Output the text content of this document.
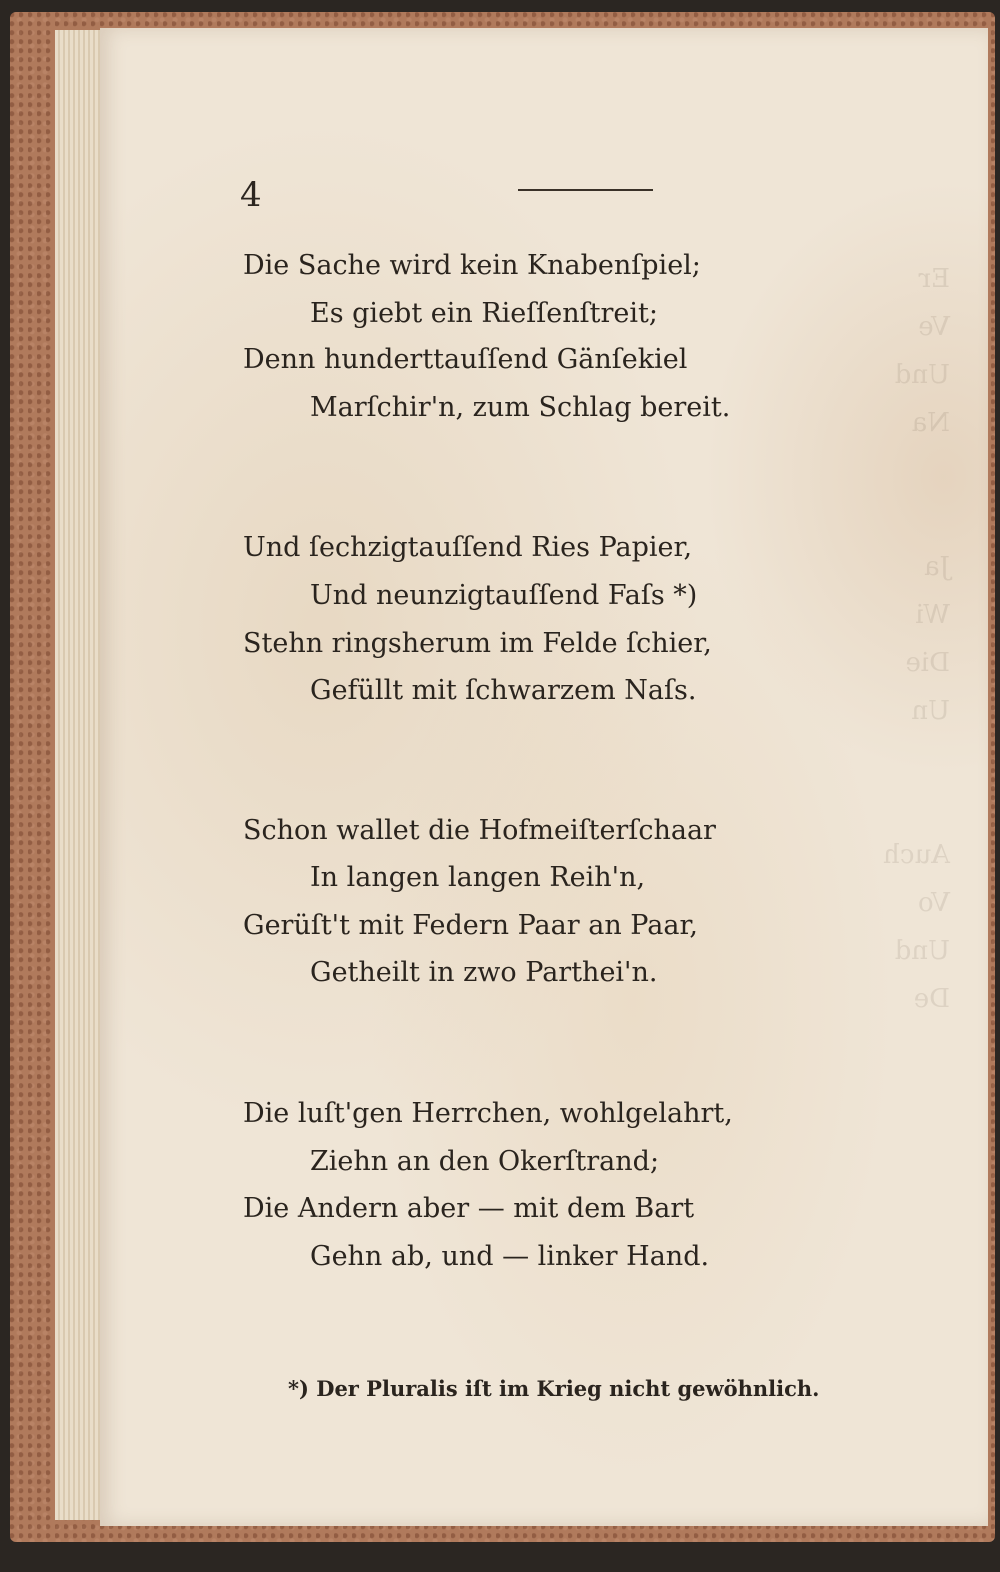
Er
Ve
Und
Na

Ja
Wi
Die
Un

Auch
Vo
Und
De
4
Die Sache wird kein Knabenſpiel;
Es giebt ein Rieſſenſtreit;
Denn hunderttauſſend Gänſekiel
Marſchir'n, zum Schlag bereit.
Und ſechzigtauſſend Ries Papier,
Und neunzigtauſſend Faſs *)
Stehn ringsherum im Felde ſchier,
Gefüllt mit ſchwarzem Naſs.
Schon wallet die Hofmeiſterſchaar
In langen langen Reih'n,
Gerüſt't mit Federn Paar an Paar,
Getheilt in zwo Parthei'n.
Die luſt'gen Herrchen, wohlgelahrt,
Ziehn an den Okerſtrand;
Die Andern aber — mit dem Bart
Gehn ab, und — linker Hand.
*) Der Pluralis iſt im Krieg nicht gewöhnlich.
